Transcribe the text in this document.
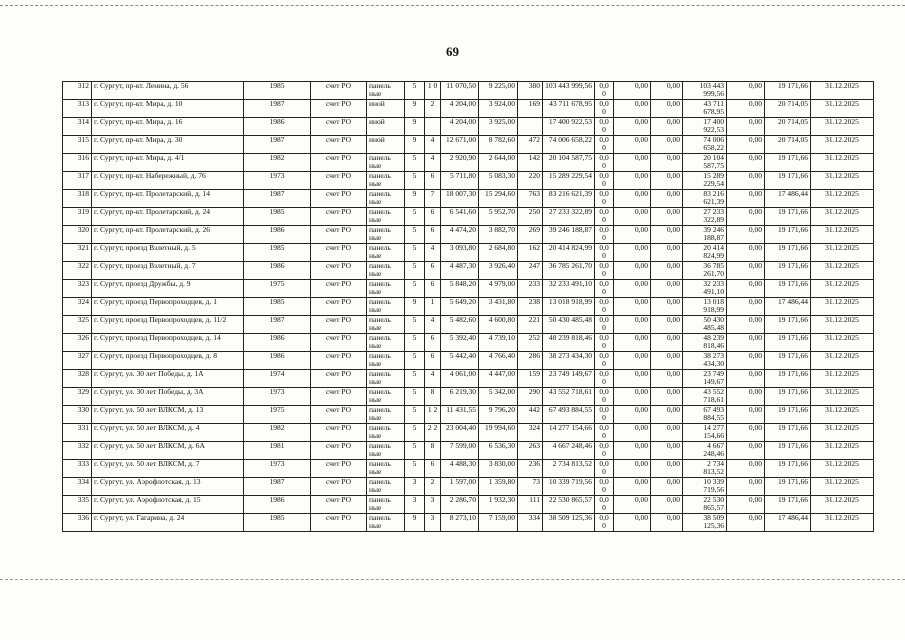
69
312	г. Сургут, пр-кт. Ленина, д. 56	1985	счет РО	панель ные	5	1 0	11 070,50	9 225,00	380	103 443 999,56	0,0 0	0,00	0,00	103 443 999,56	0,00	19 171,66	31.12.2025
313	г. Сургут, пр-кт. Мира, д. 10	1987	счет РО	иной	9	2	4 204,00	3 924,00	169	43 711 678,95	0,0 0	0,00	0,00	43 711 678,95	0,00	20 714,05	31.12.2025
314	г. Сургут, пр-кт. Мира, д. 16	1986	счет РО	иной	9		4 204,00	3 925,00		17 400 922,53	0,0 0	0,00	0,00	17 400 922,53	0,00	20 714,05	31.12.2025
315	г. Сургут, пр-кт. Мира, д. 30	1987	счет РО	иной	9	4	12 671,00	8 782,60	472	74 006 658,22	0,0 0	0,00	0,00	74 006 658,22	0,00	20 714,05	31.12.2025
316	г. Сургут, пр-кт. Мира, д. 4/1	1982	счет РО	панель ные	5	4	2 920,90	2 644,00	142	20 104 587,75	0,0 0	0,00	0,00	20 104 587,75	0,00	19 171,66	31.12.2025
317	г. Сургут, пр-кт. Набережный, д. 76	1973	счет РО	панель ные	5	6	5 711,80	5 083,30	220	15 289 229,54	0,0 0	0,00	0,00	15 289 229,54	0,00	19 171,66	31.12.2025
318	г. Сургут, пр-кт. Пролетарский, д. 14	1987	счет РО	панель ные	9	7	18 007,30	15 294,60	763	83 216 621,39	0,0 0	0,00	0,00	83 216 621,39	0,00	17 486,44	31.12.2025
319	г. Сургут, пр-кт. Пролетарский, д. 24	1985	счет РО	панель ные	5	6	6 541,60	5 952,70	250	27 233 322,89	0,0 0	0,00	0,00	27 233 322,89	0,00	19 171,66	31.12.2025
320	г. Сургут, пр-кт. Пролетарский, д. 26	1986	счет РО	панель ные	5	6	4 474,20	3 882,70	269	39 246 188,87	0,0 0	0,00	0,00	39 246 188,87	0,00	19 171,66	31.12.2025
321	г. Сургут, проезд Взлетный, д. 5	1985	счет РО	панель ные	5	4	3 093,80	2 684,80	162	20 414 824,99	0,0 0	0,00	0,00	20 414 824,99	0,00	19 171,66	31.12.2025
322	г. Сургут, проезд Взлетный, д. 7	1986	счет РО	панель ные	5	6	4 487,30	3 926,40	247	36 785 261,70	0,0 0	0,00	0,00	36 785 261,70	0,00	19 171,66	31.12.2025
323	г. Сургут, проезд Дружбы, д. 9	1975	счет РО	панель ные	5	6	5 848,20	4 979,00	233	32 233 491,10	0,0 0	0,00	0,00	32 233 491,10	0,00	19 171,66	31.12.2025
324	г. Сургут, проезд Первопроходцев, д. 1	1985	счет РО	панель ные	9	1	5 649,20	3 431,80	238	13 018 918,99	0,0 0	0,00	0,00	13 018 918,99	0,00	17 486,44	31.12.2025
325	г. Сургут, проезд Первопроходцев, д. 11/2	1987	счет РО	панель ные	5	4	5 482,60	4 600,80	221	50 430 485,48	0,0 0	0,00	0,00	50 430 485,48	0,00	19 171,66	31.12.2025
326	г. Сургут, проезд Первопроходцев, д. 14	1986	счет РО	панель ные	5	6	5 392,40	4 739,10	252	48 239 818,46	0,0 0	0,00	0,00	48 239 818,46	0,00	19 171,66	31.12.2025
327	г. Сургут, проезд Первопроходцев, д. 8	1986	счет РО	панель ные	5	6	5 442,40	4 766,40	286	38 273 434,30	0,0 0	0,00	0,00	38 273 434,30	0,00	19 171,66	31.12.2025
328	г. Сургут, ул. 30 лет Победы, д. 1А	1974	счет РО	панель ные	5	4	4 061,00	4 447,00	159	23 749 149,67	0,0 0	0,00	0,00	23 749 149,67	0,00	19 171,66	31.12.2025
329	г. Сургут, ул. 30 лет Победы, д. 3А	1973	счет РО	панель ные	5	8	6 219,30	5 342,00	290	43 552 718,61	0,0 0	0,00	0,00	43 552 718,61	0,00	19 171,66	31.12.2025
330	г. Сургут, ул. 50 лет ВЛКСМ, д. 13	1975	счет РО	панель ные	5	1 2	11 431,55	9 796,20	442	67 493 884,55	0,0 0	0,00	0,00	67 493 884,55	0,00	19 171,66	31.12.2025
331	г. Сургут, ул. 50 лет ВЛКСМ, д. 4	1982	счет РО	панель ные	5	2 2	23 004,40	19 994,60	324	14 277 154,66	0,0 0	0,00	0,00	14 277 154,66	0,00	19 171,66	31.12.2025
332	г. Сургут, ул. 50 лет ВЛКСМ, д. 6А	1981	счет РО	панель ные	5	8	7 599,00	6 536,30	263	4 667 248,46	0,0 0	0,00	0,00	4 667 248,46	0,00	19 171,66	31.12.2025
333	г. Сургут, ул. 50 лет ВЛКСМ, д. 7	1973	счет РО	панель ные	5	6	4 488,30	3 830,00	236	2 734 813,52	0,0 0	0,00	0,00	2 734 813,52	0,00	19 171,66	31.12.2025
334	г. Сургут, ул. Аэрофлотская, д. 13	1987	счет РО	панель ные	3	2	1 597,00	1 359,80	73	10 339 719,56	0,0 0	0,00	0,00	10 339 719,56	0,00	19 171,66	31.12.2025
335	г. Сургут, ул. Аэрофлотская, д. 15	1986	счет РО	панель ные	3	3	2 286,70	1 932,30	111	22 530 865,57	0,0 0	0,00	0,00	22 530 865,57	0,00	19 171,66	31.12.2025
336	г. Сургут, ул. Гагарина, д. 24	1985	счет РО	панель ные	9	3	8 273,10	7 159,00	334	38 509 125,36	0,0 0	0,00	0,00	38 509 125,36	0,00	17 486,44	31.12.2025
